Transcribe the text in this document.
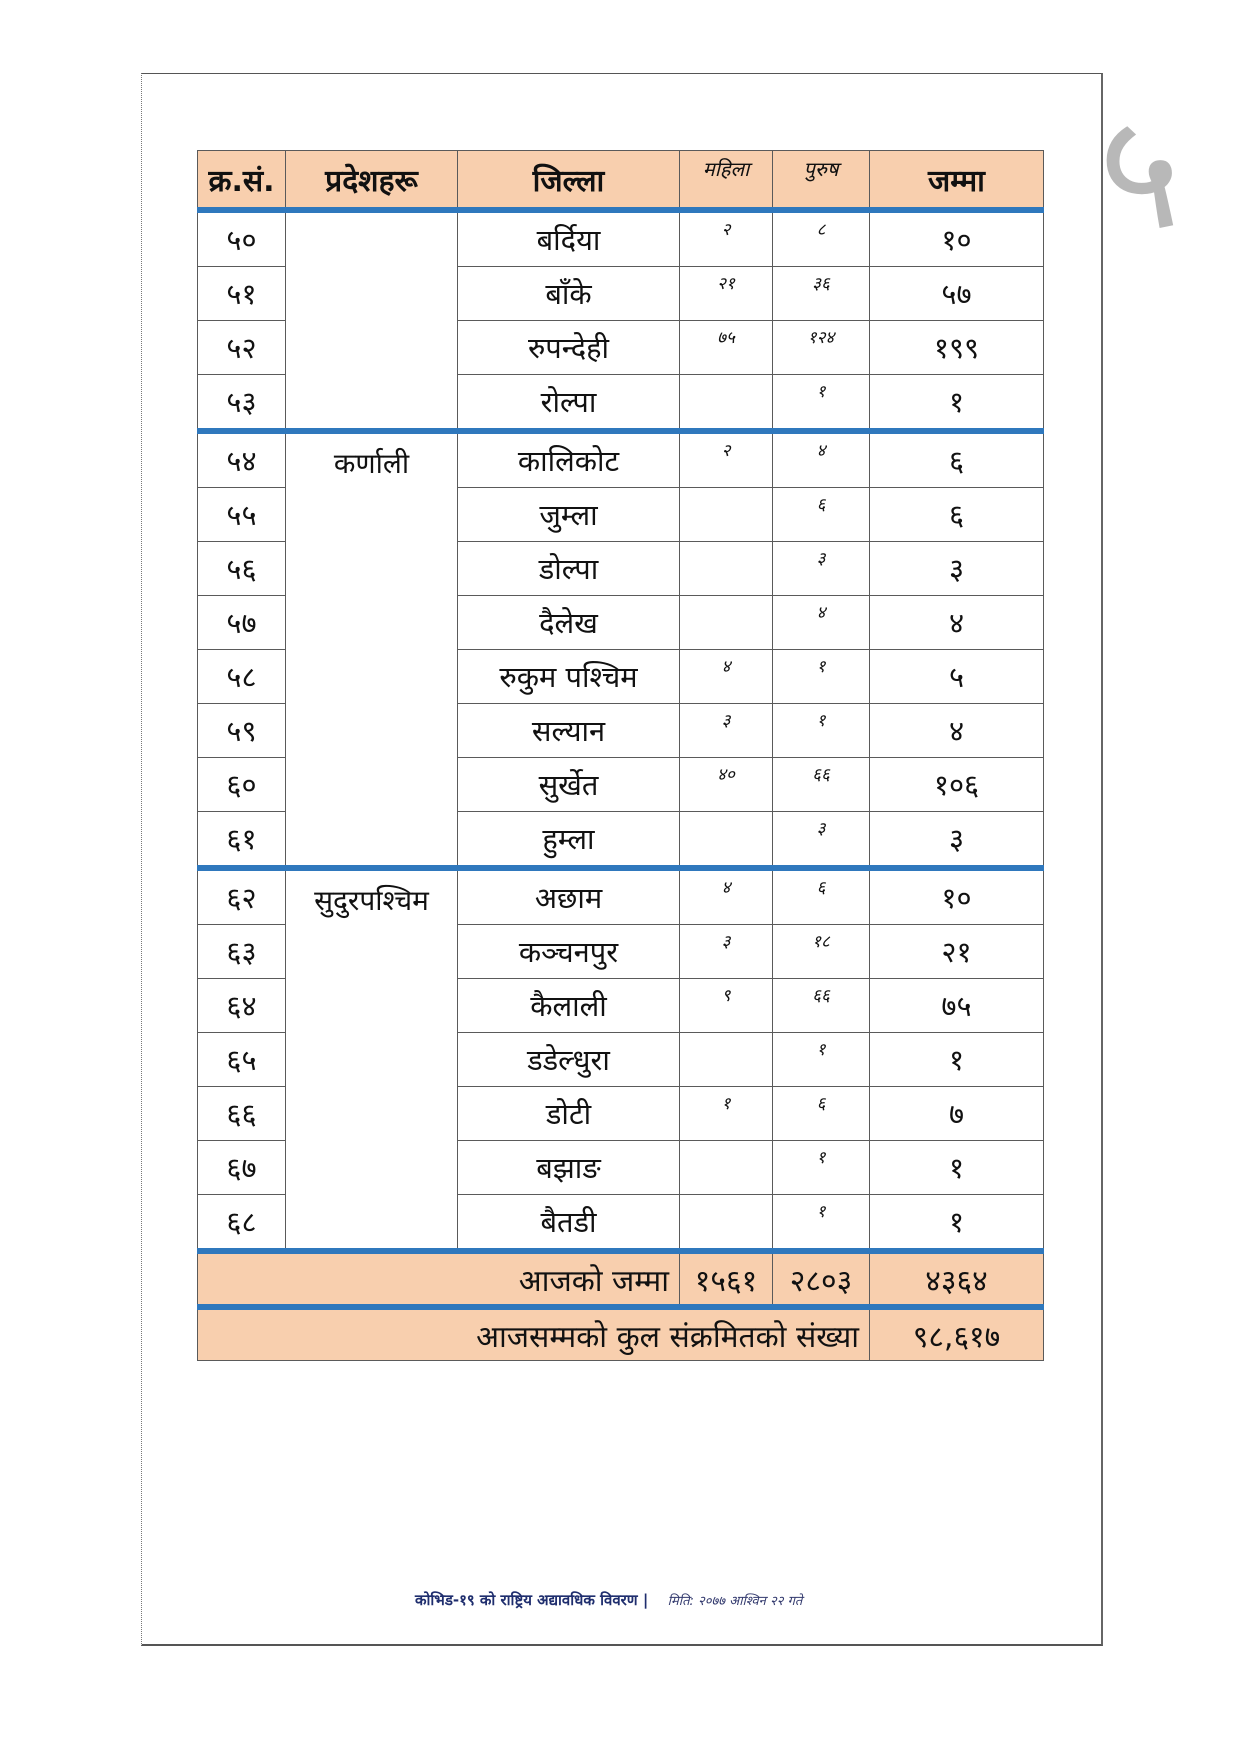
५
क्र.सं.	प्रदेशहरू	जिल्ला	महिला	पुरुष	जम्मा
५०		बर्दिया	२	८	१०
५१		बाँके	२१	३६	५७
५२		रुपन्देही	७५	१२४	१९९
५३		रोल्पा		१	१
५४	कर्णाली	कालिकोट	२	४	६
५५		जुम्ला		६	६
५६		डोल्पा		३	३
५७		दैलेख		४	४
५८		रुकुम पश्चिम	४	१	५
५९		सल्यान	३	१	४
६०		सुर्खेत	४०	६६	१०६
६१		हुम्ला		३	३
६२	सुदुरपश्चिम	अछाम	४	६	१०
६३		कञ्चनपुर	३	१८	२१
६४		कैलाली	९	६६	७५
६५		डडेल्धुरा		१	१
६६		डोटी	१	६	७
६७		बझाङ		१	१
६८		बैतडी		१	१
आजको जम्मा			१५६१	२८०३	४३६४
आजसम्मको कुल संक्रमितको संख्या					९८,६१७
कोभिड-१९ को राष्ट्रिय अद्यावधिक विवरण | मिति: २०७७ आश्विन २२ गते
